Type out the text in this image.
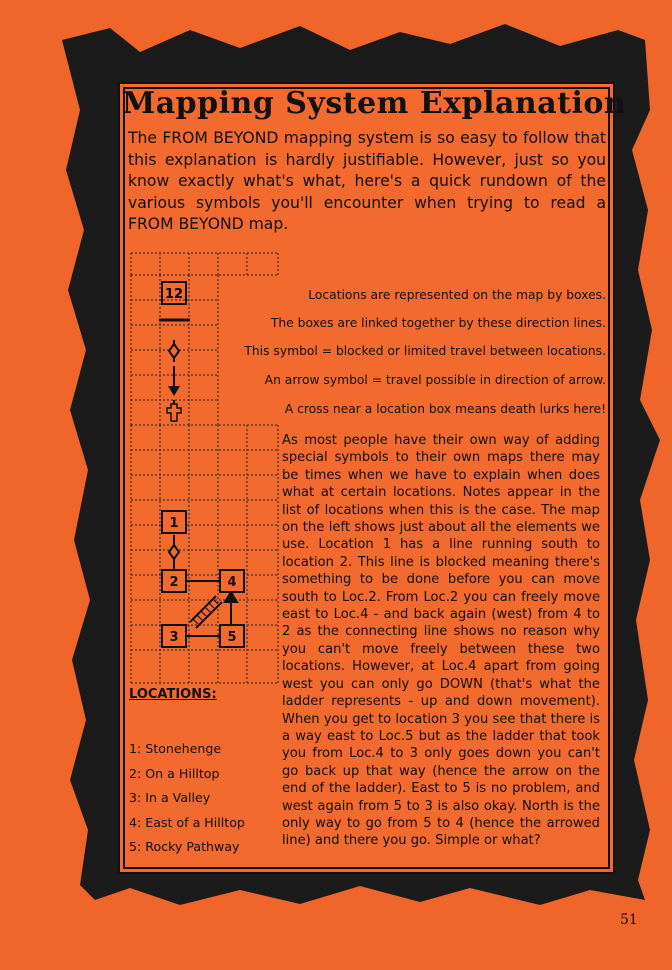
Mapping System Explanation
The FROM BEYOND mapping system is so easy to follow that this explanation is hardly justifiable. However, just so you know exactly what's what, here's a quick rundown of the various symbols you'll encounter when trying to read a FROM BEYOND map.
12
1
2	4
3	5
Locations are represented on the map by boxes.
The boxes are linked together by these direction lines.
This symbol = blocked or limited travel between locations.
An arrow symbol = travel possible in direction of arrow.
A cross near a location box means death lurks here!
As most people have their own way of adding special symbols to their own maps there may be times when we have to explain when does what at certain locations. Notes appear in the list of locations when this is the case. The map on the left shows just about all the elements we use. Location 1 has a line running south to location 2. This line is blocked meaning there's something to be done before you can move south to Loc.2. From Loc.2 you can freely move east to Loc.4 - and back again (west) from 4 to 2 as the connecting line shows no reason why you can't move freely between these two locations. However, at Loc.4 apart from going west you can only go DOWN (that's what the ladder represents - up and down movement). When you get to location 3 you see that there is a way east to Loc.5 but as the ladder that took you from Loc.4 to 3 only goes down you can't go back up that way (hence the arrow on the end of the ladder). East to 5 is no problem, and west again from 5 to 3 is also okay. North is the only way to go from 5 to 4 (hence the arrowed line) and there you go. Simple or what?
LOCATIONS:
1: Stonehenge
2: On a Hilltop
3: In a Valley
4: East of a Hilltop
5: Rocky Pathway
51
